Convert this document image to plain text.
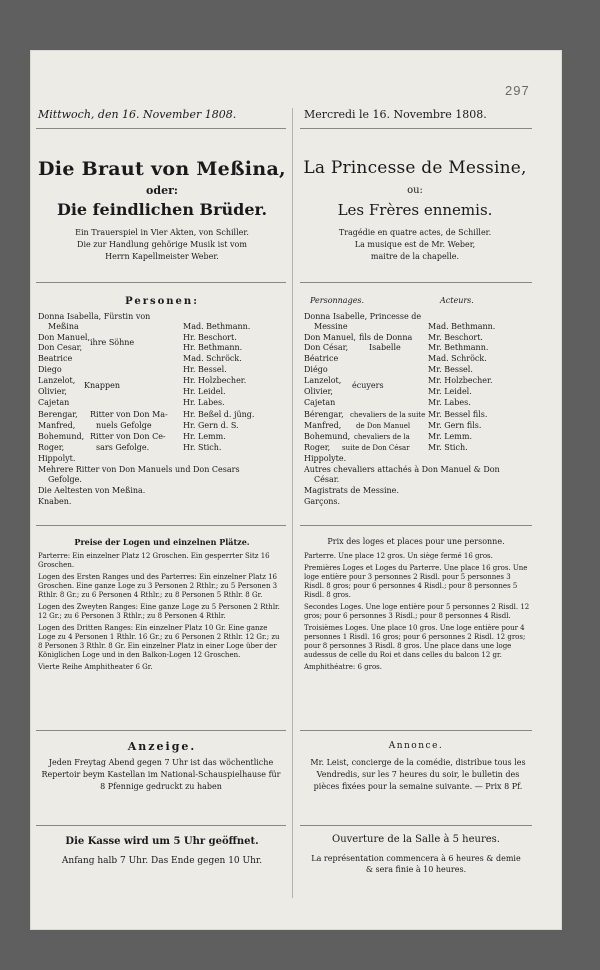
297
Mittwoch, den 16. November 1808.
Die Braut von Meßina,
oder:
Die feindlichen Brüder.
Ein Trauerspiel in Vier Akten, von Schiller.
Die zur Handlung gehörige Musik ist vom
Herrn Kapellmeister Weber.
Personen:
Donna Isabella, Fürstin von
Meßina	Mad. Bethmann.
Don Manuel,	Hr. Beschort.
Don Cesar,	Hr. Bethmann.
ihre Söhne
Beatrice	Mad. Schröck.
Diego	Hr. Bessel.
Lanzelot,	Hr. Holzbecher.
Olivier,	Hr. Leidel.
Knappen
Cajetan	Hr. Labes.
Berengar,	Hr. Beßel d. jüng.
Ritter von Don Ma-
Manfred,	Hr. Gern d. S.
nuels Gefolge
Bohemund,	Hr. Lemm.
Ritter von Don Ce-
Roger,	Hr. Stich.
sars Gefolge.
Hippolyt.
Mehrere Ritter von Don Manuels und Don Cesars
Gefolge.
Die Aeltesten von Meßina.
Knaben.
Preise der Logen und einzelnen Plätze.
Parterre: Ein einzelner Platz 12 Groschen. Ein gesperrter Sitz 16 Groschen.
Logen des Ersten Ranges und des Parterres: Ein einzelner Platz 16 Groschen. Eine ganze Loge zu 3 Personen 2 Rthlr.; zu 5 Personen 3 Rthlr. 8 Gr.; zu 6 Personen 4 Rthlr.; zu 8 Personen 5 Rthlr. 8 Gr.
Logen des Zweyten Ranges: Eine ganze Loge zu 5 Personen 2 Rthlr. 12 Gr.; zu 6 Personen 3 Rthlr.; zu 8 Personen 4 Rthlr.
Logen des Dritten Ranges: Ein einzelner Platz 10 Gr. Eine ganze Loge zu 4 Personen 1 Rthlr. 16 Gr.; zu 6 Personen 2 Rthlr. 12 Gr.; zu 8 Personen 3 Rthlr. 8 Gr. Ein einzelner Platz in einer Loge über der Königlichen Loge und in den Balkon-Logen 12 Groschen.
Vierte Reihe Amphitheater 6 Gr.
Anzeige.
Jeden Freytag Abend gegen 7 Uhr ist das wöchentliche Repertoir beym Kastellan im National-Schauspielhause für 8 Pfennige gedruckt zu haben
Die Kasse wird um 5 Uhr geöffnet.
Anfang halb 7 Uhr. Das Ende gegen 10 Uhr.
Mercredi le 16. Novembre 1808.
La Princesse de Messine,
ou:
Les Frères ennemis.
Tragédie en quatre actes, de Schiller.
La musique est de Mr. Weber,
maitre de la chapelle.
Personnages.	Acteurs.
Donna Isabelle, Princesse de
Messine	Mad. Bethmann.
Don Manuel,	Mr. Beschort.
fils de Donna
Don César,	Mr. Bethmann.
Isabelle
Béatrice	Mad. Schröck.
Diégo	Mr. Bessel.
Lanzelot,	Mr. Holzbecher.
écuyers
Olivier,	Mr. Leidel.
Cajetan	Mr. Labes.
Bérengar,	Mr. Bessel fils.
chevaliers de la suite
Manfred,	Mr. Gern fils.
de Don Manuel
Bohemund,	Mr. Lemm.
chevaliers de la
Roger,	Mr. Stich.
suite de Don César
Hippolyte.
Autres chevaliers attachés à Don Manuel & Don
César.
Magistrats de Messine.
Garçons.
Prix des loges et places pour une personne.
Parterre. Une place 12 gros. Un siège fermé 16 gros.
Premières Loges et Loges du Parterre. Une place 16 gros. Une loge entière pour 3 personnes 2 Risdl. pour 5 personnes 3 Risdl. 8 gros; pour 6 personnes 4 Risdl.; pour 8 personnes 5 Risdl. 8 gros.
Secondes Loges. Une loge entière pour 5 personnes 2 Risdl. 12 gros; pour 6 personnes 3 Risdl.; pour 8 personnes 4 Risdl.
Troisièmes Loges. Une place 10 gros. Une loge entière pour 4 personnes 1 Risdl. 16 gros; pour 6 personnes 2 Risdl. 12 gros; pour 8 personnes 3 Risdl. 8 gros. Une place dans une loge audessus de celle du Roi et dans celles du balcon 12 gr.
Amphithéatre: 6 gros.
Annonce.
Mr. Leist, concierge de la comédie, distribue tous les Vendredis, sur les 7 heures du soir, le bulletin des pièces fixées pour la semaine suivante. — Prix 8 Pf.
Ouverture de la Salle à 5 heures.
La représentation commencera à 6 heures & demie
& sera finie à 10 heures.
